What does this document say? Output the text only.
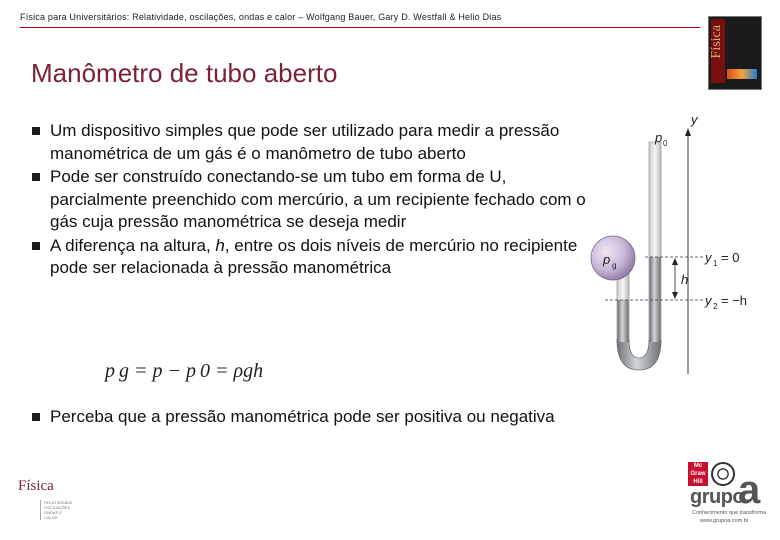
Física para Universitários: Relatividade, oscilações, ondas e calor – Wolfgang Bauer, Gary D. Westfall & Helio Dias
Física
Manômetro de tubo aberto
Um dispositivo simples que pode ser utilizado para medir a pressão manométrica de um gás é o manômetro de tubo aberto
Pode ser construído conectando-se um tubo em forma de U, parcialmente preenchido com mercúrio, a um recipiente fechado com o gás cuja pressão manométrica se deseja medir
A diferença na altura, h, entre os dois níveis de mercúrio no recipiente pode ser relacionada à pressão manométrica
p g = p − p 0 = ρgh
Perceba que a pressão manométrica pode ser positiva ou negativa
p g
p 0
y
h
y 1 = 0
y 2 = −h
Física
RELATIVIDADE OSCILAÇÕES ONDAS E CALOR
Mc Graw Hill a
grupo
Conhecimento que transforma
www.grupoa.com.br
